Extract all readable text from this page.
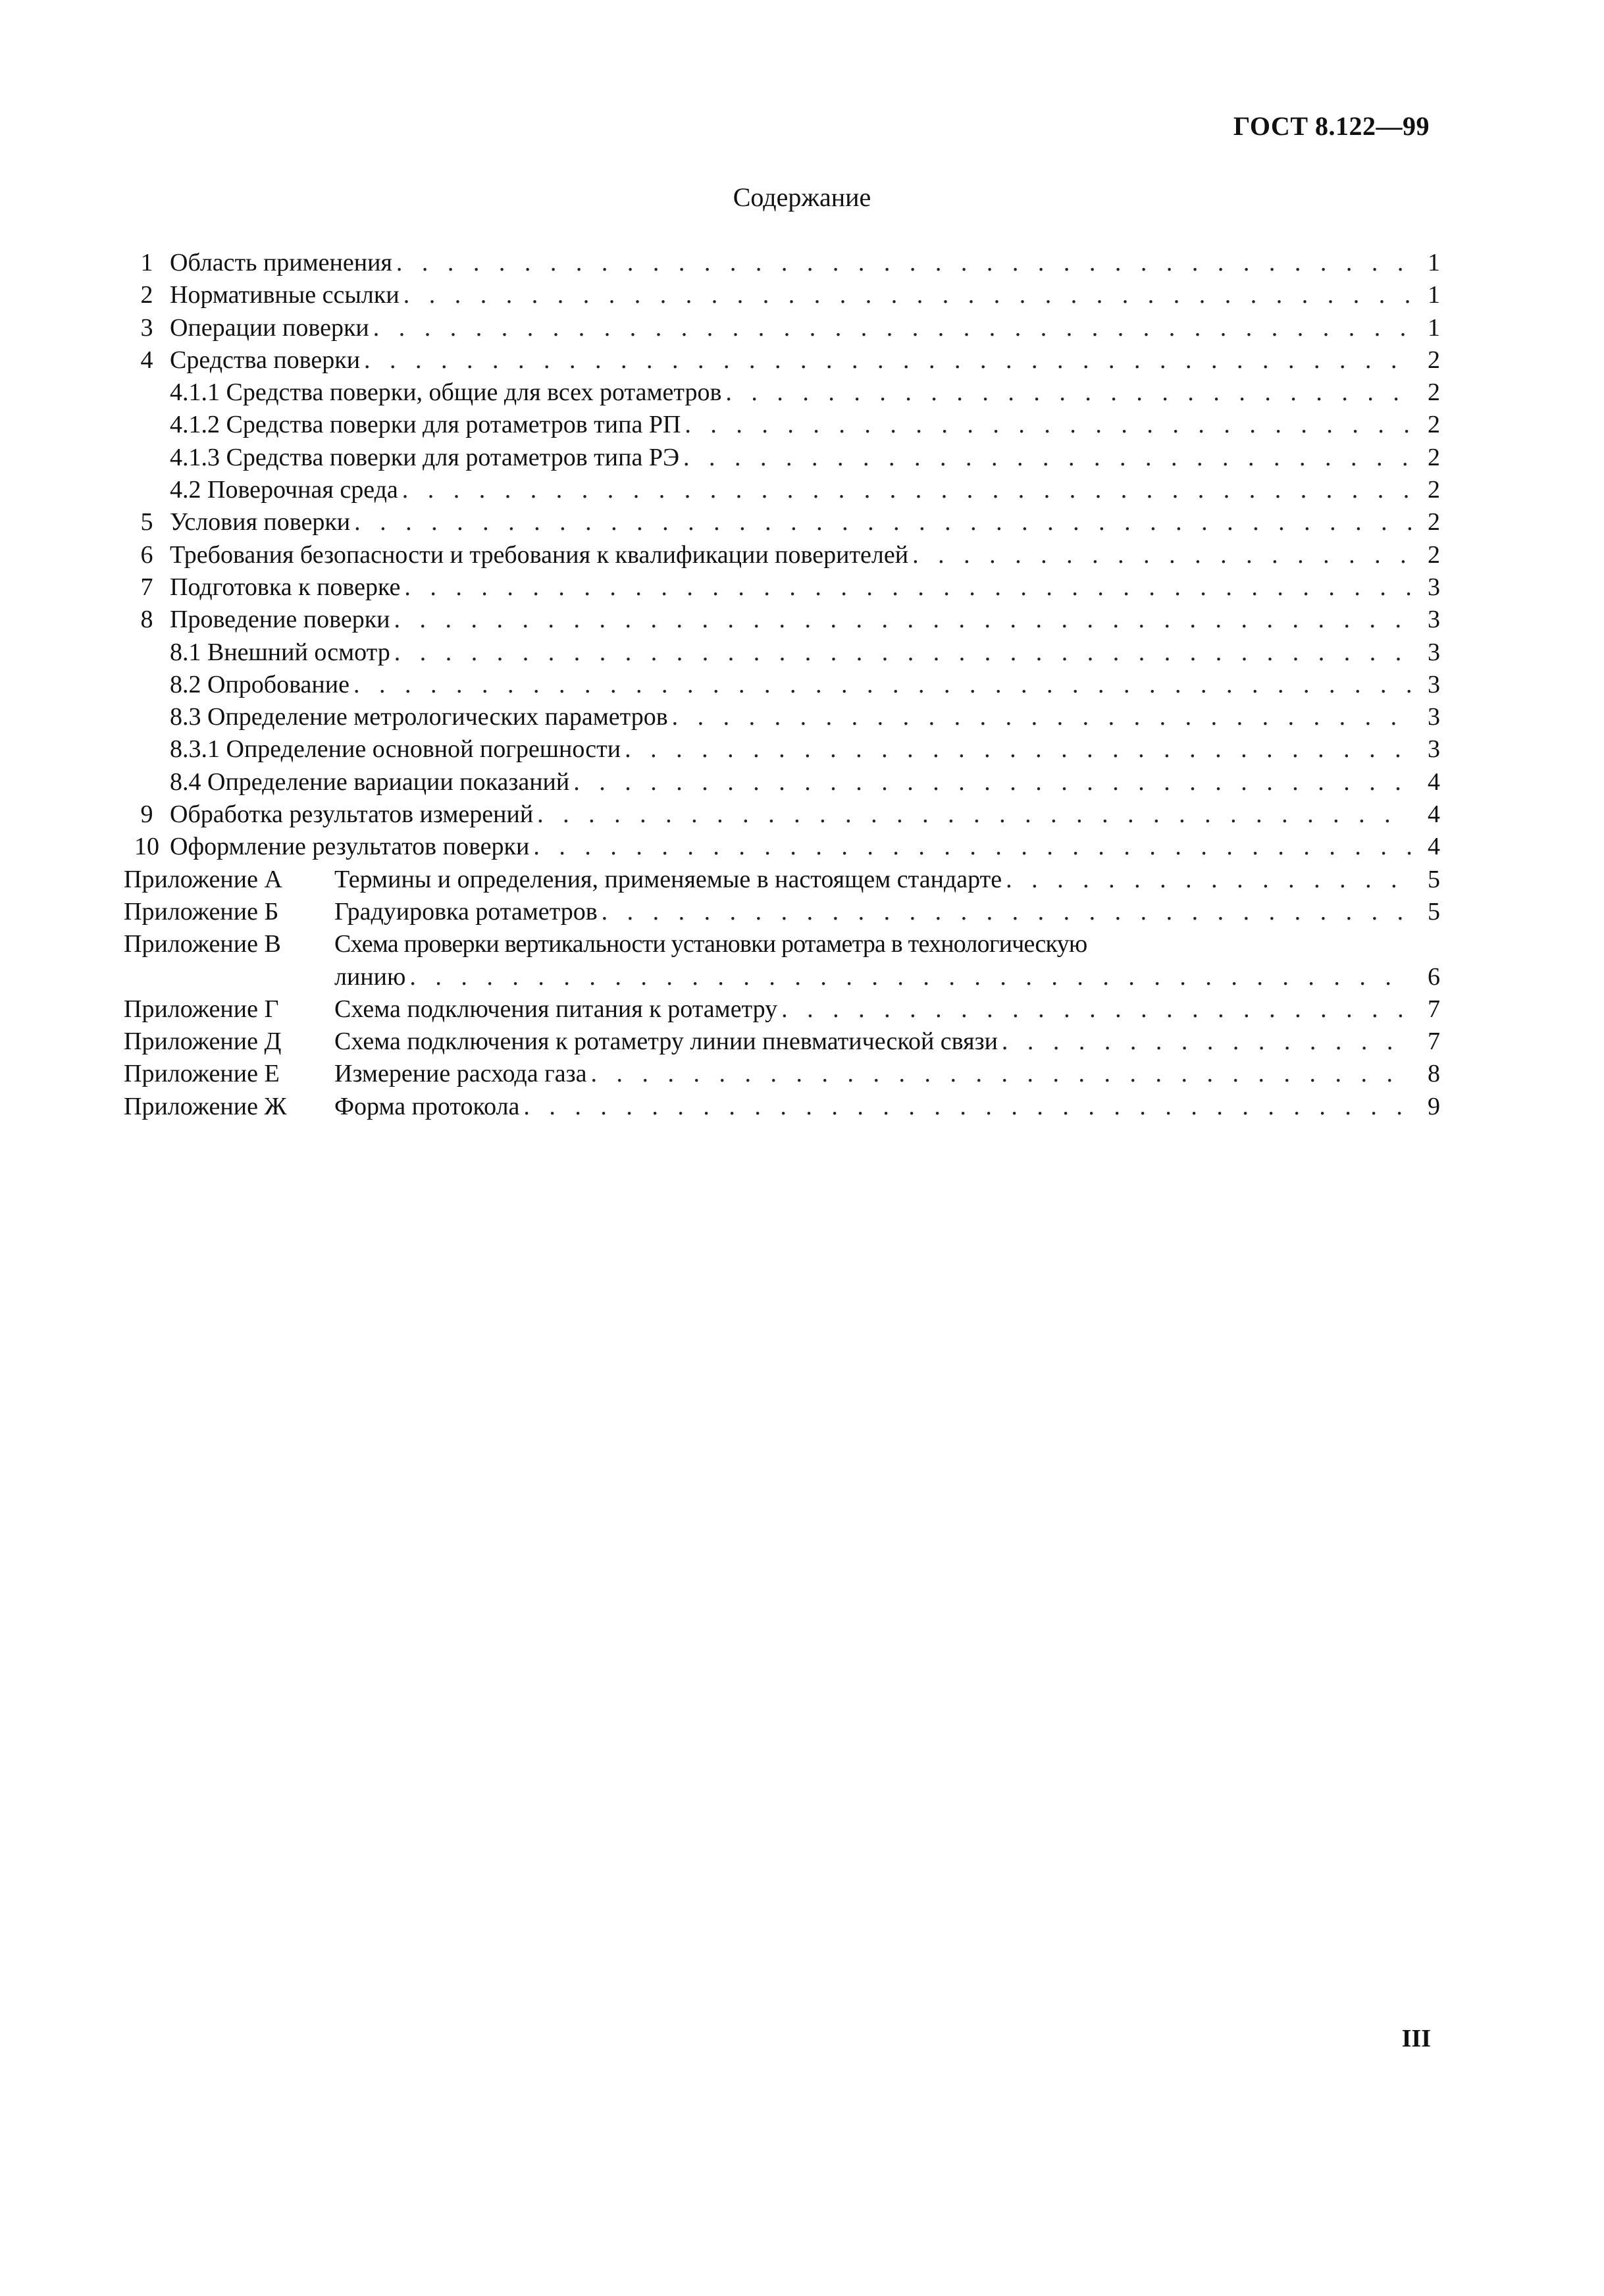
ГОСТ 8.122—99
Содержание
1 Область применения . . .	1
2 Нормативные ссылки . . .	1
3 Операции поверки . . .	1
4 Средства поверки . . .	2
4.1.1 Средства поверки, общие для всех ротаметров . . .	2
4.1.2 Средства поверки для ротаметров типа РП . . .	2
4.1.3 Средства поверки для ротаметров типа РЭ . . .	2
4.2 Поверочная среда . . .	2
5 Условия поверки . . .	2
6 Требования безопасности и требования к квалификации поверителей . . .	2
7 Подготовка к поверке . . .	3
8 Проведение поверки . . .	3
8.1 Внешний осмотр . . .	3
8.2 Опробование . . .	3
8.3 Определение метрологических параметров . . .	3
8.3.1 Определение основной погрешности . . .	3
8.4 Определение вариации показаний . . .	4
9 Обработка результатов измерений . . .	4
10 Оформление результатов поверки . . .	4
Приложение А	Термины и определения, применяемые в настоящем стандарте . . .	5
Приложение Б	Градуировка ротаметров . . .	5
Приложение В	Схема проверки вертикальности установки ротаметра в технологическую
линию . . .	6
Приложение Г	Схема подключения питания к ротаметру . . .	7
Приложение Д	Схема подключения к ротаметру линии пневматической связи . . .	7
Приложение Е	Измерение расхода газа . . .	8
Приложение Ж	Форма протокола . . .	9
III
